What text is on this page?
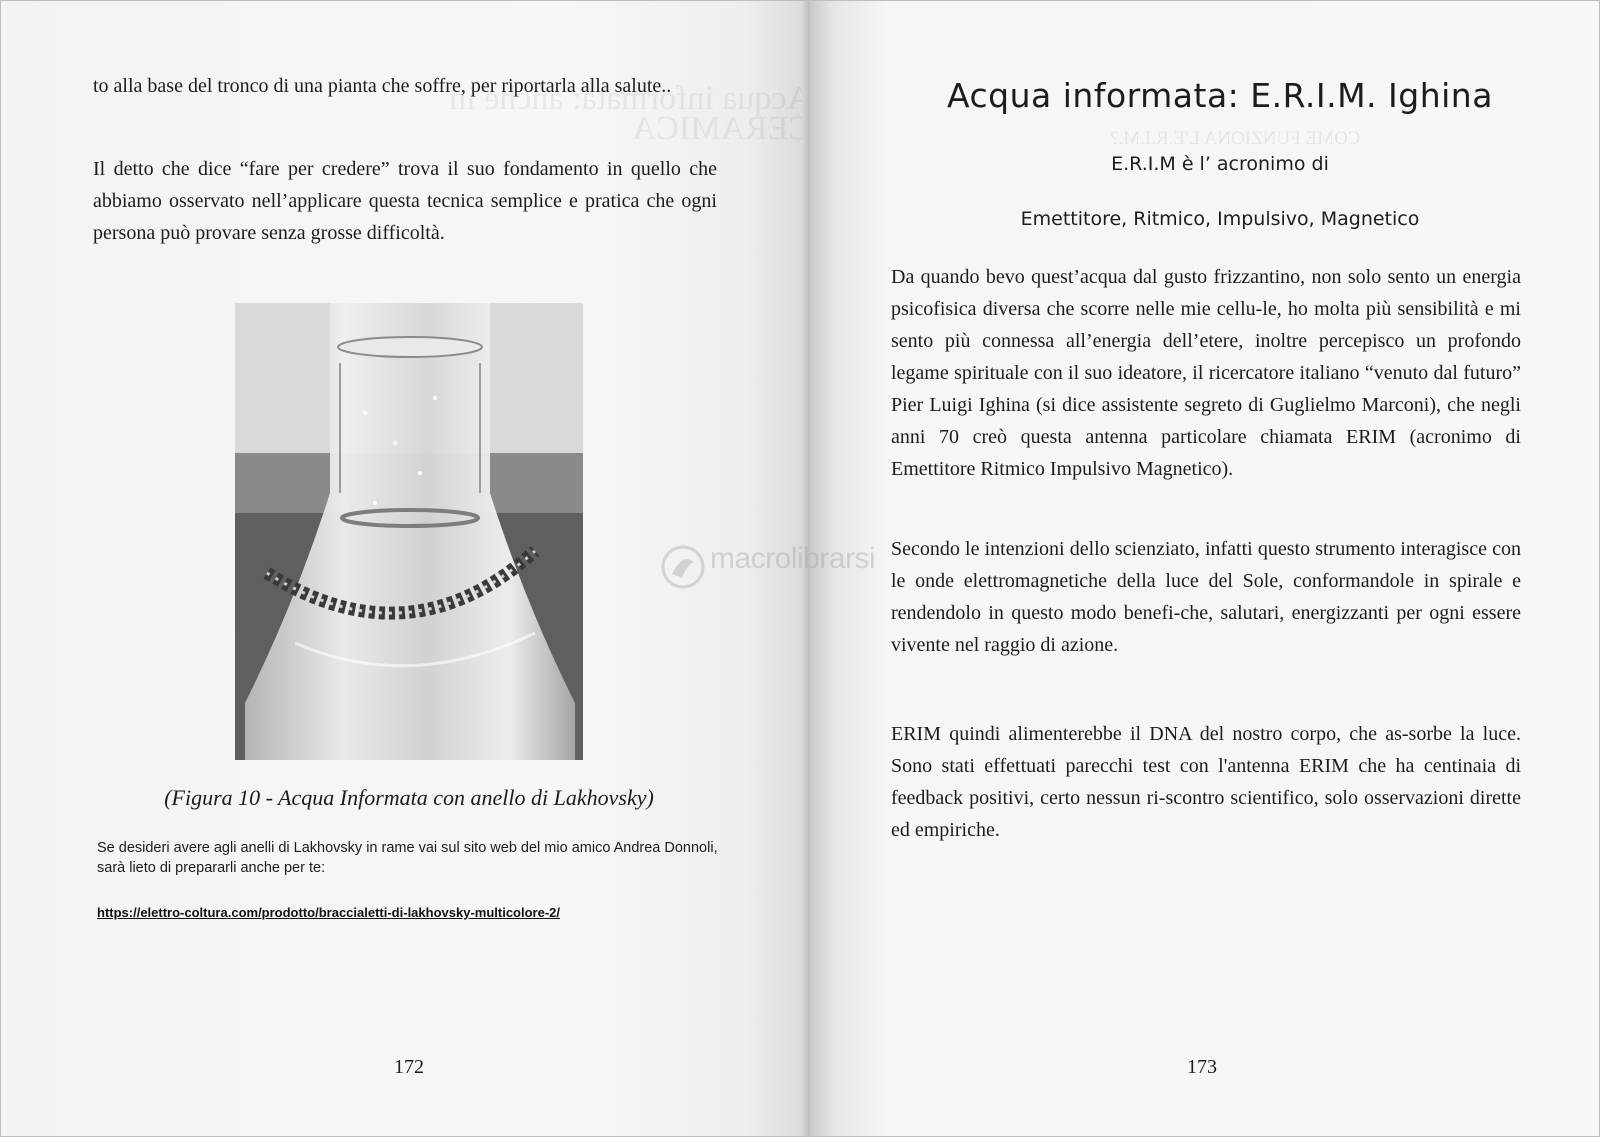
Acqua informata: anche in CERAMICA

to alla base del tronco di una pianta che soffre, per riportarla alla salute..

Il detto che dice “fare per credere” trova il suo fondamento in quello che abbiamo osservato nell’applicare questa tecnica semplice e pratica che ogni persona può provare senza grosse difficoltà.

(Figura 10 - Acqua Informata con anello di Lakhovsky)

Se desideri avere agli anelli di Lakhovsky in rame vai sul sito web del mio amico Andrea Donnoli, sarà lieto di prepararli anche per te:

https://elettro-coltura.com/prodotto/braccialetti-di-lakhovsky-multicolore-2/
172
COME FUNZIONA L'E.R.I.M.?
Acqua informata: E.R.I.M. Ighina

E.R.I.M è l’ acronimo di

Emettitore, Ritmico, Impulsivo, Magnetico

Da quando bevo quest’acqua dal gusto frizzantino, non solo sento un energia psicofisica diversa che scorre nelle mie cellu-le, ho molta più sensibilità e mi sento più connessa all’energia dell’etere, inoltre percepisco un profondo legame spirituale con il suo ideatore, il ricercatore italiano “venuto dal futuro” Pier Luigi Ighina (si dice assistente segreto di Guglielmo Marconi), che negli anni 70 creò questa antenna particolare chiamata ERIM (acronimo di Emettitore Ritmico Impulsivo Magnetico).

Secondo le intenzioni dello scienziato, infatti questo strumento interagisce con le onde elettromagnetiche della luce del Sole, conformandole in spirale e rendendolo in questo modo benefi-che, salutari, energizzanti per ogni essere vivente nel raggio di azione.

ERIM quindi alimenterebbe il DNA del nostro corpo, che as-sorbe la luce. Sono stati effettuati parecchi test con l'antenna ERIM che ha centinaia di feedback positivi, certo nessun ri-scontro scientifico, solo osservazioni dirette ed empiriche.

173
macrolibrarsi
